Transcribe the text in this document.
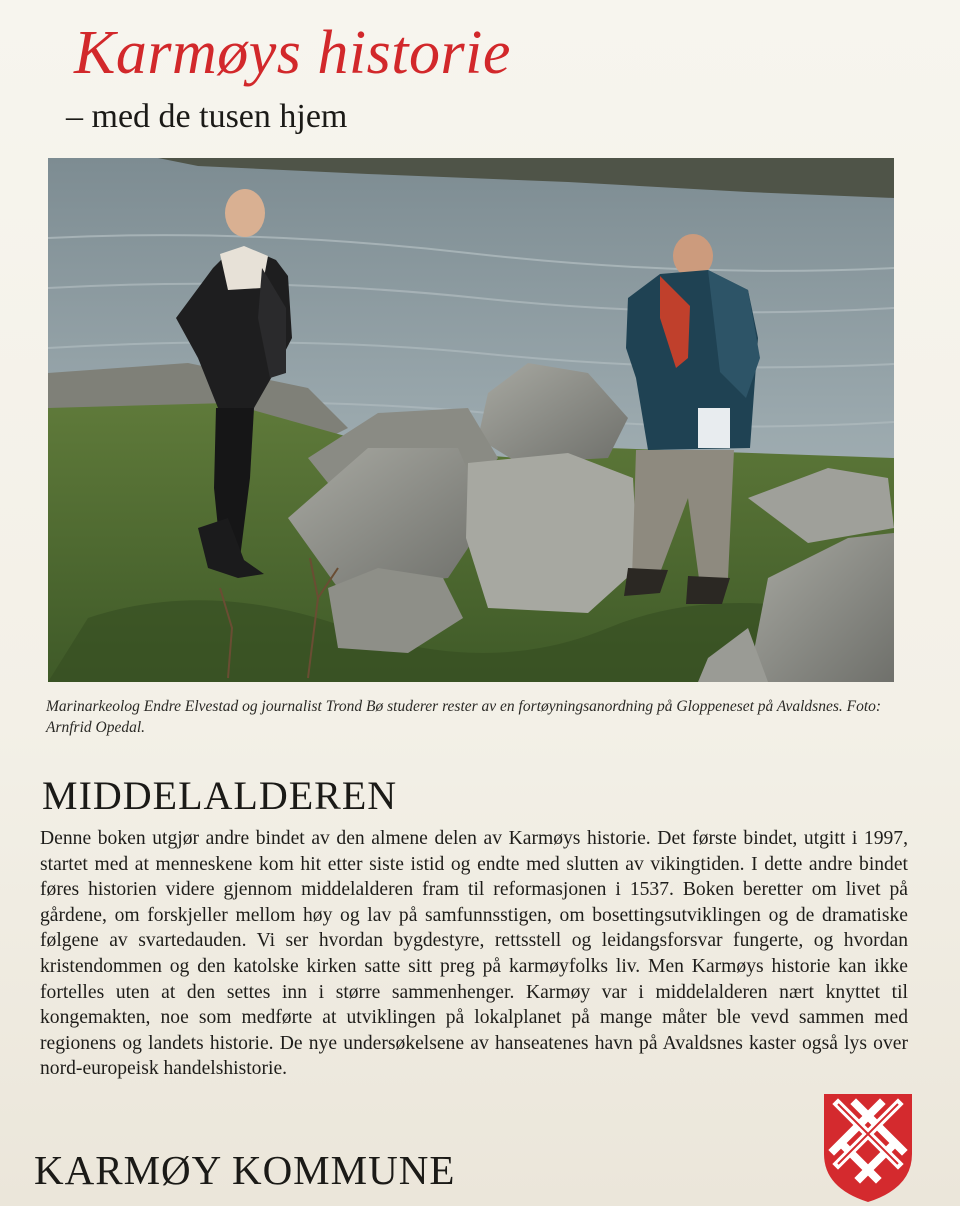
Karmøys historie
– med de tusen hjem

Marinarkeolog Endre Elvestad og journalist Trond Bø studerer rester av en fortøyningsanordning på Gloppeneset på Avaldsnes. Foto: Arnfrid Opedal.

MIDDELALDEREN

Denne boken utgjør andre bindet av den almene delen av Karmøys historie. Det første bindet, utgitt i 1997, startet med at menneskene kom hit etter siste istid og endte med slutten av vikingtiden. I dette andre bindet føres historien videre gjennom middelalderen fram til reformasjonen i 1537. Boken beretter om livet på gårdene, om forskjeller mellom høy og lav på samfunnsstigen, om bosettingsutviklingen og de dramatiske følgene av svartedauden. Vi ser hvordan bygdestyre, rettsstell og leidangsforsvar fungerte, og hvordan kristendommen og den katolske kirken satte sitt preg på karmøyfolks liv. Men Karmøys historie kan ikke fortelles uten at den settes inn i større sammenhenger. Karmøy var i middelalderen nært knyttet til kongemakten, noe som medførte at utviklingen på lokalplanet på mange måter ble vevd sammen med regionens og landets historie. De nye undersøkelsene av hanseatenes havn på Avaldsnes kaster også lys over nord-europeisk handelshistorie.

KARMØY KOMMUNE
